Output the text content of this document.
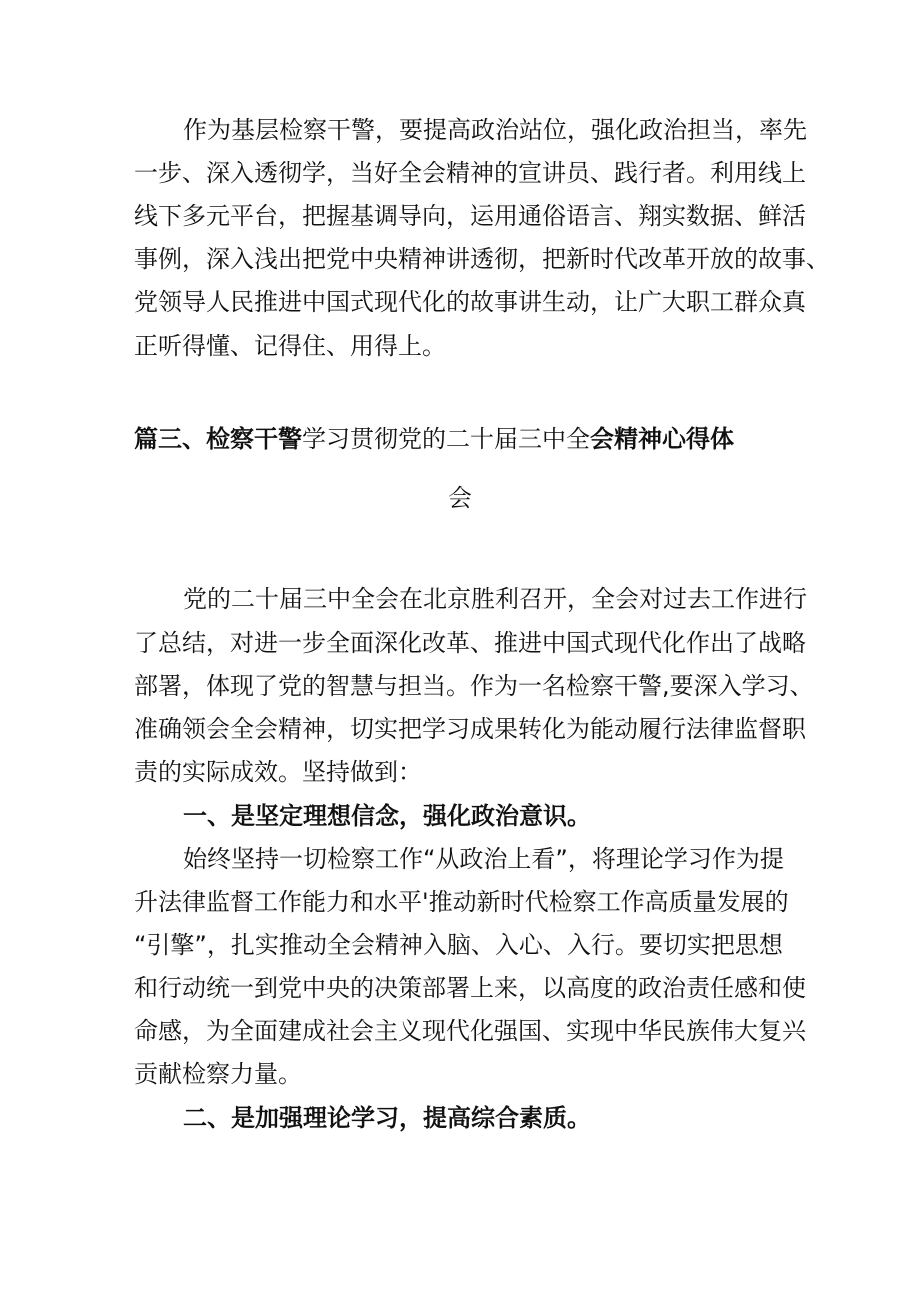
作为基层检察干警，要提高政治站位，强化政治担当，率先
一步、深入透彻学，当好全会精神的宣讲员、践行者。利用线上
线下多元平台，把握基调导向，运用通俗语言、翔实数据、鲜活
事例，深入浅出把党中央精神讲透彻，把新时代改革开放的故事、
党领导人民推进中国式现代化的故事讲生动，让广大职工群众真
正听得懂、记得住、用得上。
篇三、检察干警学习贯彻党的二十届三中全会精神心得体
会
党的二十届三中全会在北京胜利召开，全会对过去工作进行
了总结，对进一步全面深化改革、推进中国式现代化作出了战略
部署，体现了党的智慧与担当。作为一名检察干警,要深入学习、
准确领会全会精神，切实把学习成果转化为能动履行法律监督职
责的实际成效。坚持做到：
一、是坚定理想信念，强化政治意识。
始终坚持一切检察工作“从政治上看”，将理论学习作为提
升法律监督工作能力和水平'推动新时代检察工作高质量发展的
“引擎”，扎实推动全会精神入脑、入心、入行。要切实把思想
和行动统一到党中央的决策部署上来，以高度的政治责任感和使
命感，为全面建成社会主义现代化强国、实现中华民族伟大复兴
贡献检察力量。
二、是加强理论学习，提高综合素质。
